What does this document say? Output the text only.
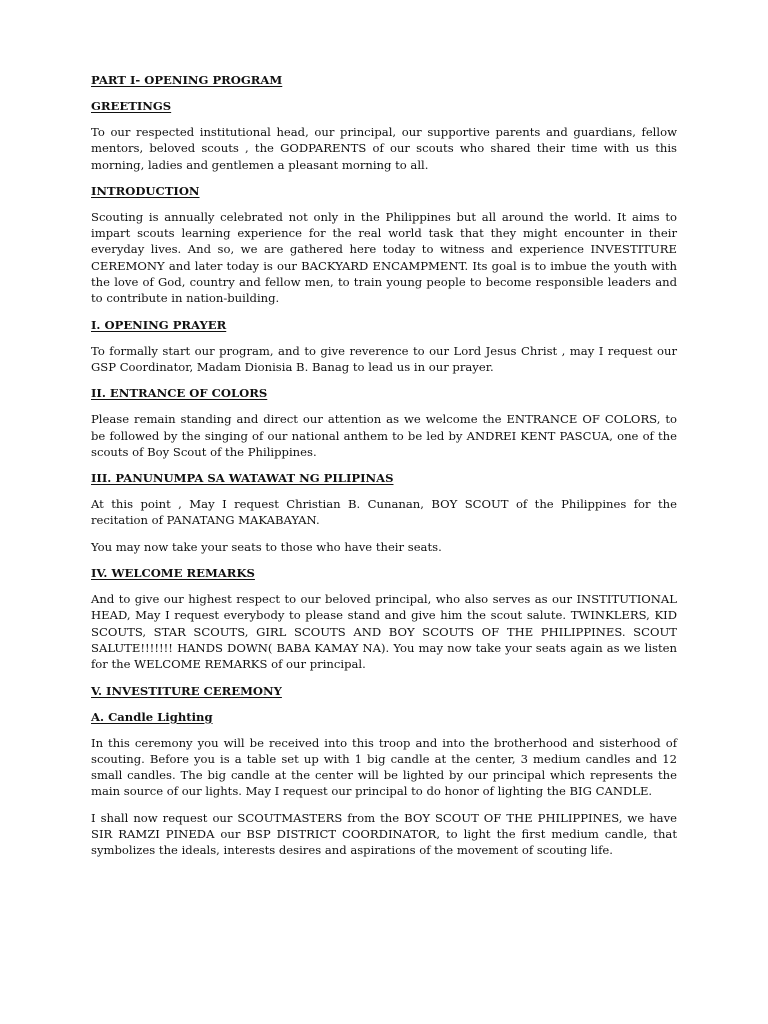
PART I- OPENING PROGRAM
GREETINGS

To our respected institutional head, our principal, our supportive parents and guardians, fellow mentors, beloved scouts , the GODPARENTS of our scouts who shared their time with us this morning, ladies and gentlemen a pleasant morning to all.

INTRODUCTION

Scouting is annually celebrated not only in the Philippines but all around the world. It aims to impart scouts learning experience for the real world task that they might encounter in their everyday lives. And so, we are gathered here today to witness and experience INVESTITURE CEREMONY and later today is our BACKYARD ENCAMPMENT. Its goal is to imbue the youth with the love of God, country and fellow men, to train young people to become responsible leaders and to contribute in nation-building.

I. OPENING PRAYER

To formally start our program, and to give reverence to our Lord Jesus Christ , may I request our GSP Coordinator, Madam Dionisia B. Banag to lead us in our prayer.

II. ENTRANCE OF COLORS

Please remain standing and direct our attention as we welcome the ENTRANCE OF COLORS, to be followed by the singing of our national anthem to be led by ANDREI KENT PASCUA, one of the scouts of Boy Scout of the Philippines.

III. PANUNUMPA SA WATAWAT NG PILIPINAS

At this point , May I request Christian B. Cunanan, BOY SCOUT of the Philippines for the recitation of PANATANG MAKABAYAN.

You may now take your seats to those who have their seats.

IV. WELCOME REMARKS

And to give our highest respect to our beloved principal, who also serves as our INSTITUTIONAL HEAD, May I request everybody to please stand and give him the scout salute. TWINKLERS, KID SCOUTS, STAR SCOUTS, GIRL SCOUTS AND BOY SCOUTS OF THE PHILIPPINES. SCOUT SALUTE!!!!!!! HANDS DOWN( BABA KAMAY NA). You may now take your seats again as we listen for the WELCOME REMARKS of our principal.

V. INVESTITURE CEREMONY
A. Candle Lighting

In this ceremony you will be received into this troop and into the brotherhood and sisterhood of scouting. Before you is a table set up with 1 big candle at the center, 3 medium candles and 12 small candles. The big candle at the center will be lighted by our principal which represents the main source of our lights. May I request our principal to do honor of lighting the BIG CANDLE.

I shall now request our SCOUTMASTERS from the BOY SCOUT OF THE PHILIPPINES, we have SIR RAMZI PINEDA our BSP DISTRICT COORDINATOR, to light the first medium candle, that symbolizes the ideals, interests desires and aspirations of the movement of scouting life.
